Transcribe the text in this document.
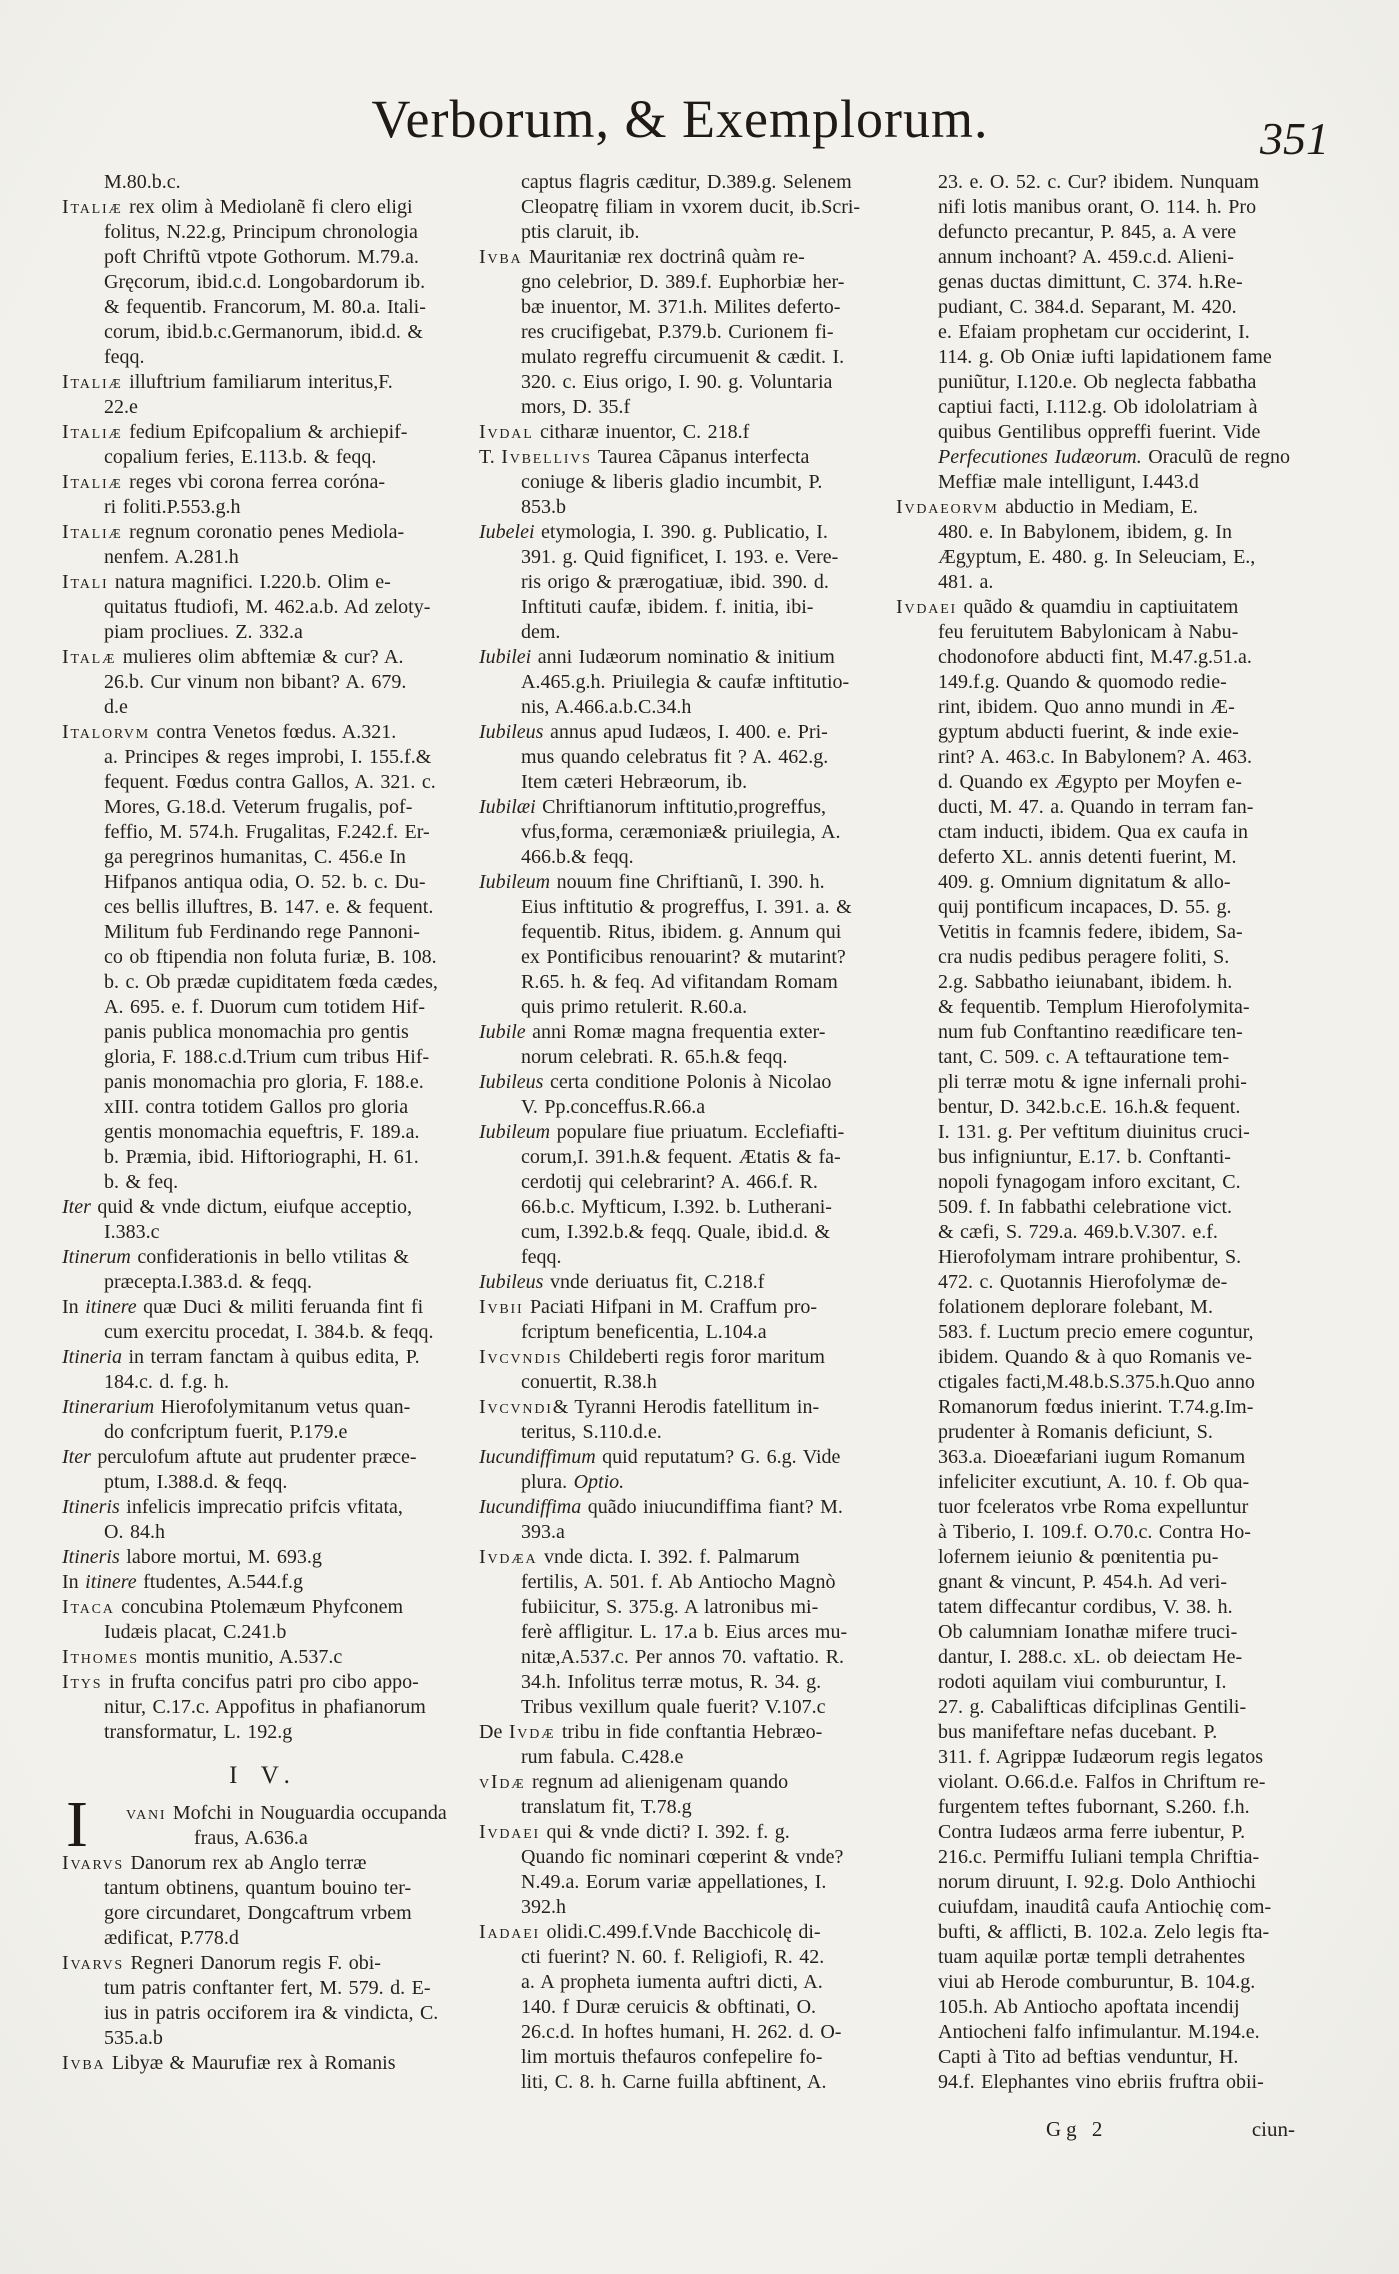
Verborum, & Exemplorum.	351
M.80.b.c.
Italiæ rex olim à Mediolanẽ fi clero eligi
folitus, N.22.g, Principum chronologia
poft Chriftũ vtpote Gothorum. M.79.a.
Gręcorum, ibid.c.d. Longobardorum ib.
& fequentib. Francorum, M. 80.a. Itali-
corum, ibid.b.c.Germanorum, ibid.d. &
feqq.
Italiæ illuftrium familiarum interitus,F.
22.e
Italiæ fedium Epifcopalium & archiepif-
copalium feries, E.113.b. & feqq.
Italiæ reges vbi corona ferrea coróna-
ri foliti.P.553.g.h
Italiæ regnum coronatio penes Mediola-
nenfem. A.281.h
Itali natura magnifici. I.220.b. Olim e-
quitatus ftudiofi, M. 462.a.b. Ad zeloty-
piam procliues. Z. 332.a
Italæ mulieres olim abftemiæ & cur? A.
26.b. Cur vinum non bibant? A. 679.
d.e
Italorvm contra Venetos fœdus. A.321.
a. Principes & reges improbi, I. 155.f.&
fequent. Fœdus contra Gallos, A. 321. c.
Mores, G.18.d. Veterum frugalis, pof-
feffio, M. 574.h. Frugalitas, F.242.f. Er-
ga peregrinos humanitas, C. 456.e In
Hifpanos antiqua odia, O. 52. b. c. Du-
ces bellis illuftres, B. 147. e. & fequent.
Militum fub Ferdinando rege Pannoni-
co ob ftipendia non foluta furiæ, B. 108.
b. c. Ob prædæ cupiditatem fœda cædes,
A. 695. e. f. Duorum cum totidem Hif-
panis publica monomachia pro gentis
gloria, F. 188.c.d.Trium cum tribus Hif-
panis monomachia pro gloria, F. 188.e.
xIII. contra totidem Gallos pro gloria
gentis monomachia equeftris, F. 189.a.
b. Præmia, ibid. Hiftoriographi, H. 61.
b. & feq.
Iter quid & vnde dictum, eiufque acceptio,
I.383.c
Itinerum confiderationis in bello vtilitas &
præcepta.I.383.d. & feqq.
In itinere quæ Duci & militi feruanda fint fi
cum exercitu procedat, I. 384.b. & feqq.
Itineria in terram fanctam à quibus edita, P.
184.c. d. f.g. h.
Itinerarium Hierofolymitanum vetus quan-
do confcriptum fuerit, P.179.e
Iter perculofum aftute aut prudenter præce-
ptum, I.388.d. & feqq.
Itineris infelicis imprecatio prifcis vfitata,
O. 84.h
Itineris labore mortui, M. 693.g
In itinere ftudentes, A.544.f.g
Itaca concubina Ptolemæum Phyfconem
Iudæis placat, C.241.b
Ithomes montis munitio, A.537.c
Itys in frufta concifus patri pro cibo appo-
nitur, C.17.c. Appofitus in phafianorum
transformatur, L. 192.g
I V.
I vani Mofchi in Nouguardia occupanda
fraus, A.636.a
Ivarvs Danorum rex ab Anglo terræ
tantum obtinens, quantum bouino ter-
gore circundaret, Dongcaftrum vrbem
ædificat, P.778.d
Ivarvs Regneri Danorum regis F. obi-
tum patris conftanter fert, M. 579. d. E-
ius in patris occiforem ira & vindicta, C.
535.a.b
Ivba Libyæ & Maurufiæ rex à Romanis
captus flagris cæditur, D.389.g. Selenem
Cleopatrę filiam in vxorem ducit, ib.Scri-
ptis claruit, ib.
Ivba Mauritaniæ rex doctrinâ quàm re-
gno celebrior, D. 389.f. Euphorbiæ her-
bæ inuentor, M. 371.h. Milites deferto-
res crucifigebat, P.379.b. Curionem fi-
mulato regreffu circumuenit & cædit. I.
320. c. Eius origo, I. 90. g. Voluntaria
mors, D. 35.f
Ivdal citharæ inuentor, C. 218.f
T. Ivbellivs Taurea Cãpanus interfecta
coniuge & liberis gladio incumbit, P.
853.b
Iubelei etymologia, I. 390. g. Publicatio, I.
391. g. Quid fignificet, I. 193. e. Vere-
ris origo & prærogatiuæ, ibid. 390. d.
Inftituti caufæ, ibidem. f. initia, ibi-
dem.
Iubilei anni Iudæorum nominatio & initium
A.465.g.h. Priuilegia & caufæ inftitutio-
nis, A.466.a.b.C.34.h
Iubileus annus apud Iudæos, I. 400. e. Pri-
mus quando celebratus fit ? A. 462.g.
Item cæteri Hebræorum, ib.
Iubilæi Chriftianorum inftitutio,progreffus,
vfus,forma, ceræmoniæ& priuilegia, A.
466.b.& feqq.
Iubileum nouum fine Chriftianũ, I. 390. h.
Eius inftitutio & progreffus, I. 391. a. &
fequentib. Ritus, ibidem. g. Annum qui
ex Pontificibus renouarint? & mutarint?
R.65. h. & feq. Ad vifitandam Romam
quis primo retulerit. R.60.a.
Iubile anni Romæ magna frequentia exter-
norum celebrati. R. 65.h.& feqq.
Iubileus certa conditione Polonis à Nicolao
V. Pp.conceffus.R.66.a
Iubileum populare fiue priuatum. Ecclefiafti-
corum,I. 391.h.& fequent. Ætatis & fa-
cerdotij qui celebrarint? A. 466.f. R.
66.b.c. Myfticum, I.392. b. Lutherani-
cum, I.392.b.& feqq. Quale, ibid.d. &
feqq.
Iubileus vnde deriuatus fit, C.218.f
Ivbii Paciati Hifpani in M. Craffum pro-
fcriptum beneficentia, L.104.a
Ivcvndis Childeberti regis foror maritum
conuertit, R.38.h
Ivcvndi& Tyranni Herodis fatellitum in-
teritus, S.110.d.e.
Iucundiffimum quid reputatum? G. 6.g. Vide
plura. Optio.
Iucundiffima quãdo iniucundiffima fiant? M.
393.a
Ivdæa vnde dicta. I. 392. f. Palmarum
fertilis, A. 501. f. Ab Antiocho Magnò
fubiicitur, S. 375.g. A latronibus mi-
ferè affligitur. L. 17.a b. Eius arces mu-
nitæ,A.537.c. Per annos 70. vaftatio. R.
34.h. Infolitus terræ motus, R. 34. g.
Tribus vexillum quale fuerit? V.107.c
De Ivdæ tribu in fide conftantia Hebræo-
rum fabula. C.428.e
vIdæ regnum ad alienigenam quando
translatum fit, T.78.g
Ivdaei qui & vnde dicti? I. 392. f. g.
Quando fic nominari cœperint & vnde?
N.49.a. Eorum variæ appellationes, I.
392.h
Iadaei olidi.C.499.f.Vnde Bacchicolę di-
cti fuerint? N. 60. f. Religiofi, R. 42.
a. A propheta iumenta auftri dicti, A.
140. f Duræ ceruicis & obftinati, O.
26.c.d. In hoftes humani, H. 262. d. O-
lim mortuis thefauros confepelire fo-
liti, C. 8. h. Carne fuilla abftinent, A.
23. e. O. 52. c. Cur? ibidem. Nunquam
nifi lotis manibus orant, O. 114. h. Pro
defuncto precantur, P. 845, a. A vere
annum inchoant? A. 459.c.d. Alieni-
genas ductas dimittunt, C. 374. h.Re-
pudiant, C. 384.d. Separant, M. 420.
e. Efaiam prophetam cur occiderint, I.
114. g. Ob Oniæ iufti lapidationem fame
puniũtur, I.120.e. Ob neglecta fabbatha
captiui facti, I.112.g. Ob idololatriam à
quibus Gentilibus oppreffi fuerint. Vide
Perfecutiones Iudæorum. Oraculũ de regno
Meffiæ male intelligunt, I.443.d
Ivdaeorvm abductio in Mediam, E.
480. e. In Babylonem, ibidem, g. In
Ægyptum, E. 480. g. In Seleuciam, E.,
481. a.
Ivdaei quãdo & quamdiu in captiuitatem
feu feruitutem Babylonicam à Nabu-
chodonofore abducti fint, M.47.g.51.a.
149.f.g. Quando & quomodo redie-
rint, ibidem. Quo anno mundi in Æ-
gyptum abducti fuerint, & inde exie-
rint? A. 463.c. In Babylonem? A. 463.
d. Quando ex Ægypto per Moyfen e-
ducti, M. 47. a. Quando in terram fan-
ctam inducti, ibidem. Qua ex caufa in
deferto XL. annis detenti fuerint, M.
409. g. Omnium dignitatum & allo-
quij pontificum incapaces, D. 55. g.
Vetitis in fcamnis federe, ibidem, Sa-
cra nudis pedibus peragere foliti, S.
2.g. Sabbatho ieiunabant, ibidem. h.
& fequentib. Templum Hierofolymita-
num fub Conftantino reædificare ten-
tant, C. 509. c. A teftauratione tem-
pli terræ motu & igne infernali prohi-
bentur, D. 342.b.c.E. 16.h.& fequent.
I. 131. g. Per veftitum diuinitus cruci-
bus infigniuntur, E.17. b. Conftanti-
nopoli fynagogam inforo excitant, C.
509. f. In fabbathi celebratione vict.
& cæfi, S. 729.a. 469.b.V.307. e.f.
Hierofolymam intrare prohibentur, S.
472. c. Quotannis Hierofolymæ de-
folationem deplorare folebant, M.
583. f. Luctum precio emere coguntur,
ibidem. Quando & à quo Romanis ve-
ctigales facti,M.48.b.S.375.h.Quo anno
Romanorum fœdus inierint. T.74.g.Im-
prudenter à Romanis deficiunt, S.
363.a. Dioeæfariani iugum Romanum
infeliciter excutiunt, A. 10. f. Ob qua-
tuor fceleratos vrbe Roma expelluntur
à Tiberio, I. 109.f. O.70.c. Contra Ho-
lofernem ieiunio & pœnitentia pu-
gnant & vincunt, P. 454.h. Ad veri-
tatem diffecantur cordibus, V. 38. h.
Ob calumniam Ionathæ mifere truci-
dantur, I. 288.c. xL. ob deiectam He-
rodoti aquilam viui comburuntur, I.
27. g. Cabalifticas difciplinas Gentili-
bus manifeftare nefas ducebant. P.
311. f. Agrippæ Iudæorum regis legatos
violant. O.66.d.e. Falfos in Chriftum re-
furgentem teftes fubornant, S.260. f.h.
Contra Iudæos arma ferre iubentur, P.
216.c. Permiffu Iuliani templa Chriftia-
norum diruunt, I. 92.g. Dolo Anthiochi
cuiufdam, inauditâ caufa Antiochię com-
bufti, & afflicti, B. 102.a. Zelo legis fta-
tuam aquilæ portæ templi detrahentes
viui ab Herode comburuntur, B. 104.g.
105.h. Ab Antiocho apoftata incendij
Antiocheni falfo infimulantur. M.194.e.
Capti à Tito ad beftias venduntur, H.
94.f. Elephantes vino ebriis fruftra obii-
Gg 2	ciun-
